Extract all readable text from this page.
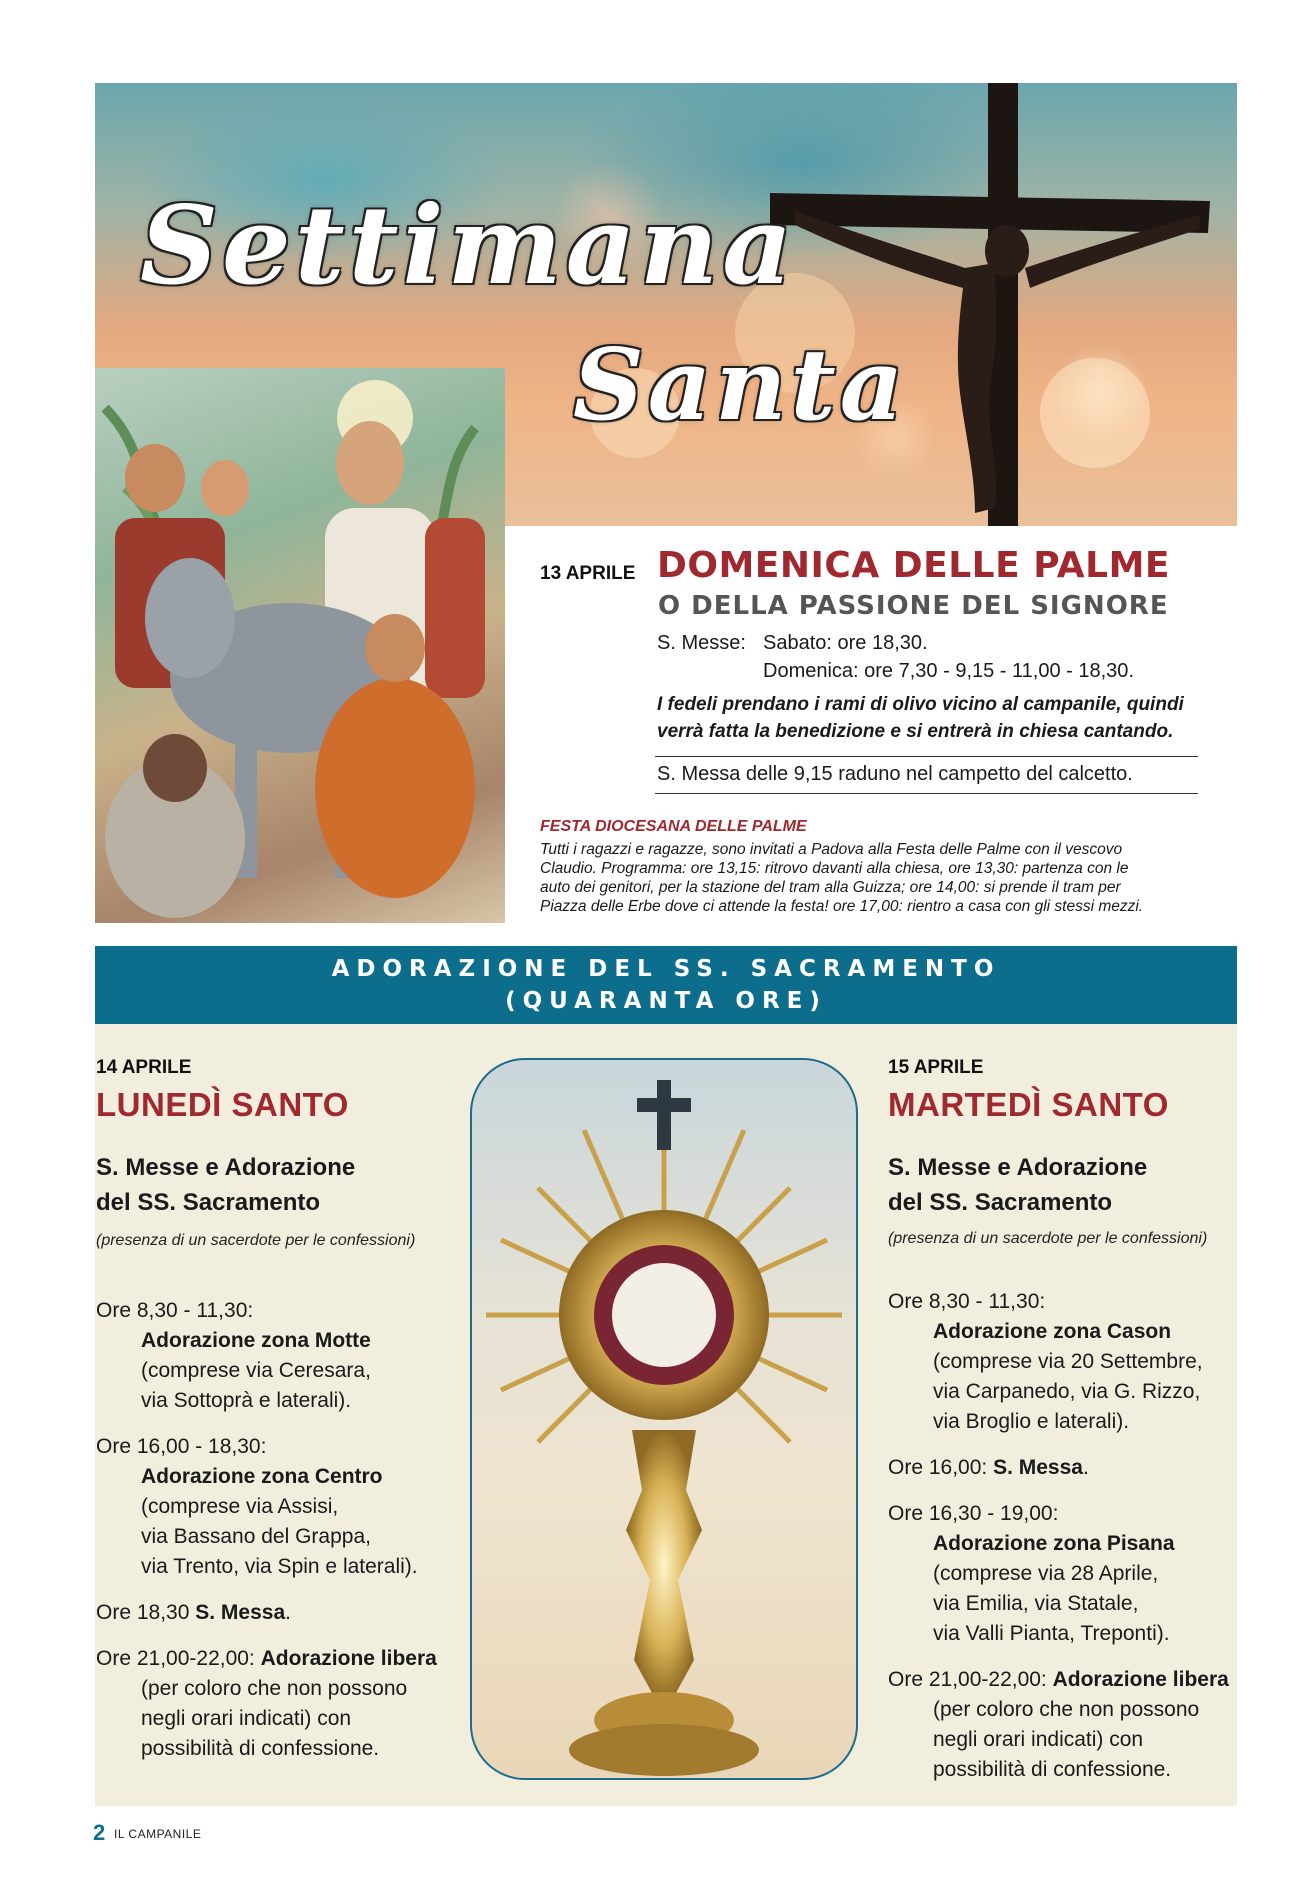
Settimana
Santa
13 APRILE DOMENICA DELLE PALME
O DELLA PASSIONE DEL SIGNORE
S. Messe: Sabato: ore 18,30.
Domenica: ore 7,30 - 9,15 - 11,00 - 18,30.
I fedeli prendano i rami di olivo vicino al campanile, quindi
verrà fatta la benedizione e si entrerà in chiesa cantando.
S. Messa delle 9,15 raduno nel campetto del calcetto.
FESTA DIOCESANA DELLE PALME
Tutti i ragazzi e ragazze, sono invitati a Padova alla Festa delle Palme con il vescovo
Claudio. Programma: ore 13,15: ritrovo davanti alla chiesa, ore 13,30: partenza con le
auto dei genitori, per la stazione del tram alla Guizza; ore 14,00: si prende il tram per
Piazza delle Erbe dove ci attende la festa! ore 17,00: rientro a casa con gli stessi mezzi.
ADORAZIONE DEL SS. SACRAMENTO
(QUARANTA ORE)
14 APRILE
LUNEDÌ SANTO
S. Messe e Adorazione
del SS. Sacramento
(presenza di un sacerdote per le confessioni)

Ore 8,30 - 11,30:

Adorazione zona Motte

(comprese via Ceresara,

via Sottoprà e laterali).

Ore 16,00 - 18,30:

Adorazione zona Centro

(comprese via Assisi,

via Bassano del Grappa,

via Trento, via Spin e laterali).

Ore 18,30 S. Messa.

Ore 21,00-22,00: Adorazione libera

(per coloro che non possono

negli orari indicati) con

possibilità di confessione.

15 APRILE
MARTEDÌ SANTO
S. Messe e Adorazione
del SS. Sacramento
(presenza di un sacerdote per le confessioni)

Ore 8,30 - 11,30:

Adorazione zona Cason

(comprese via 20 Settembre,

via Carpanedo, via G. Rizzo,

via Broglio e laterali).

Ore 16,00: S. Messa.

Ore 16,30 - 19,00:

Adorazione zona Pisana

(comprese via 28 Aprile,

via Emilia, via Statale,

via Valli Pianta, Treponti).

Ore 21,00-22,00: Adorazione libera

(per coloro che non possono

negli orari indicati) con

possibilità di confessione.

2 IL CAMPANILE
